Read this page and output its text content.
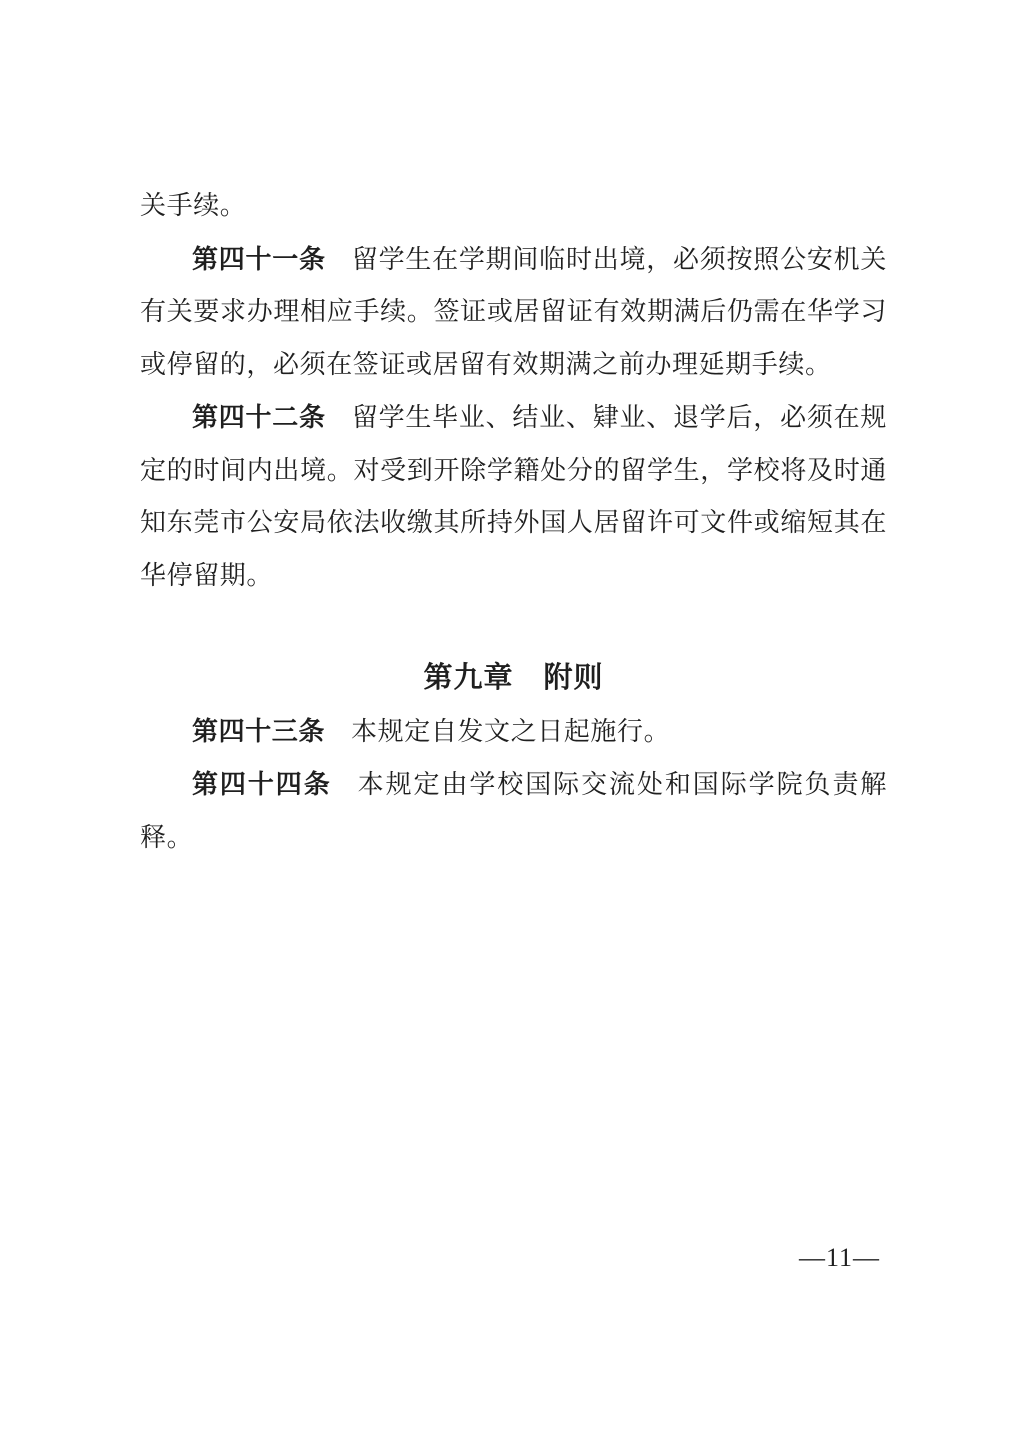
关手续。

第四十一条 留学生在学期间临时出境，必须按照公安机关有关要求办理相应手续。签证或居留证有效期满后仍需在华学习或停留的，必须在签证或居留有效期满之前办理延期手续。

第四十二条 留学生毕业、结业、肄业、退学后，必须在规定的时间内出境。对受到开除学籍处分的留学生，学校将及时通知东莞市公安局依法收缴其所持外国人居留许可文件或缩短其在华停留期。

第九章　附则

第四十三条 本规定自发文之日起施行。

第四十四条 本规定由学校国际交流处和国际学院负责解释。

—11—
